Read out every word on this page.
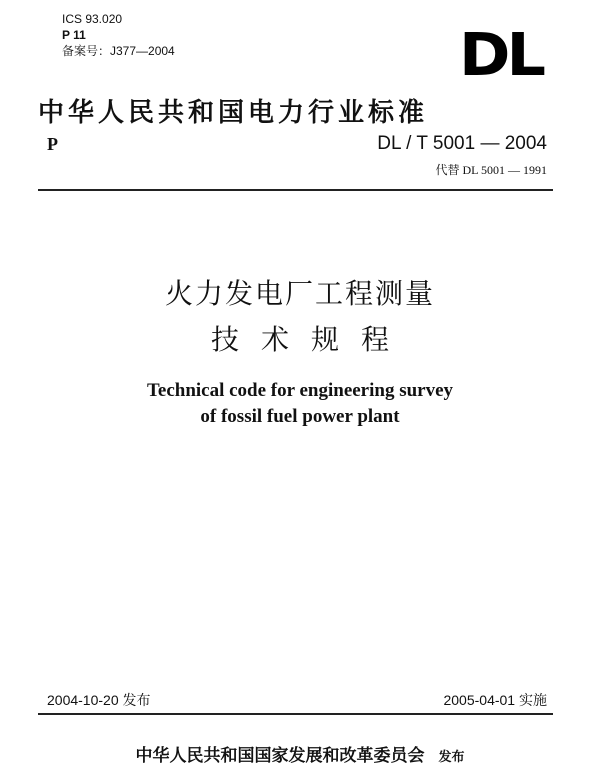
ICS 93.020
P 11
备案号：J377—2004	DL
中华人民共和国电力行业标准
P	DL / T 5001 — 2004
代替 DL 5001 — 1991
火力发电厂工程测量
技术规程
Technical code for engineering survey
of fossil fuel power plant
2004-10-20 发布	2005-04-01 实施
中华人民共和国国家发展和改革委员会 发布
